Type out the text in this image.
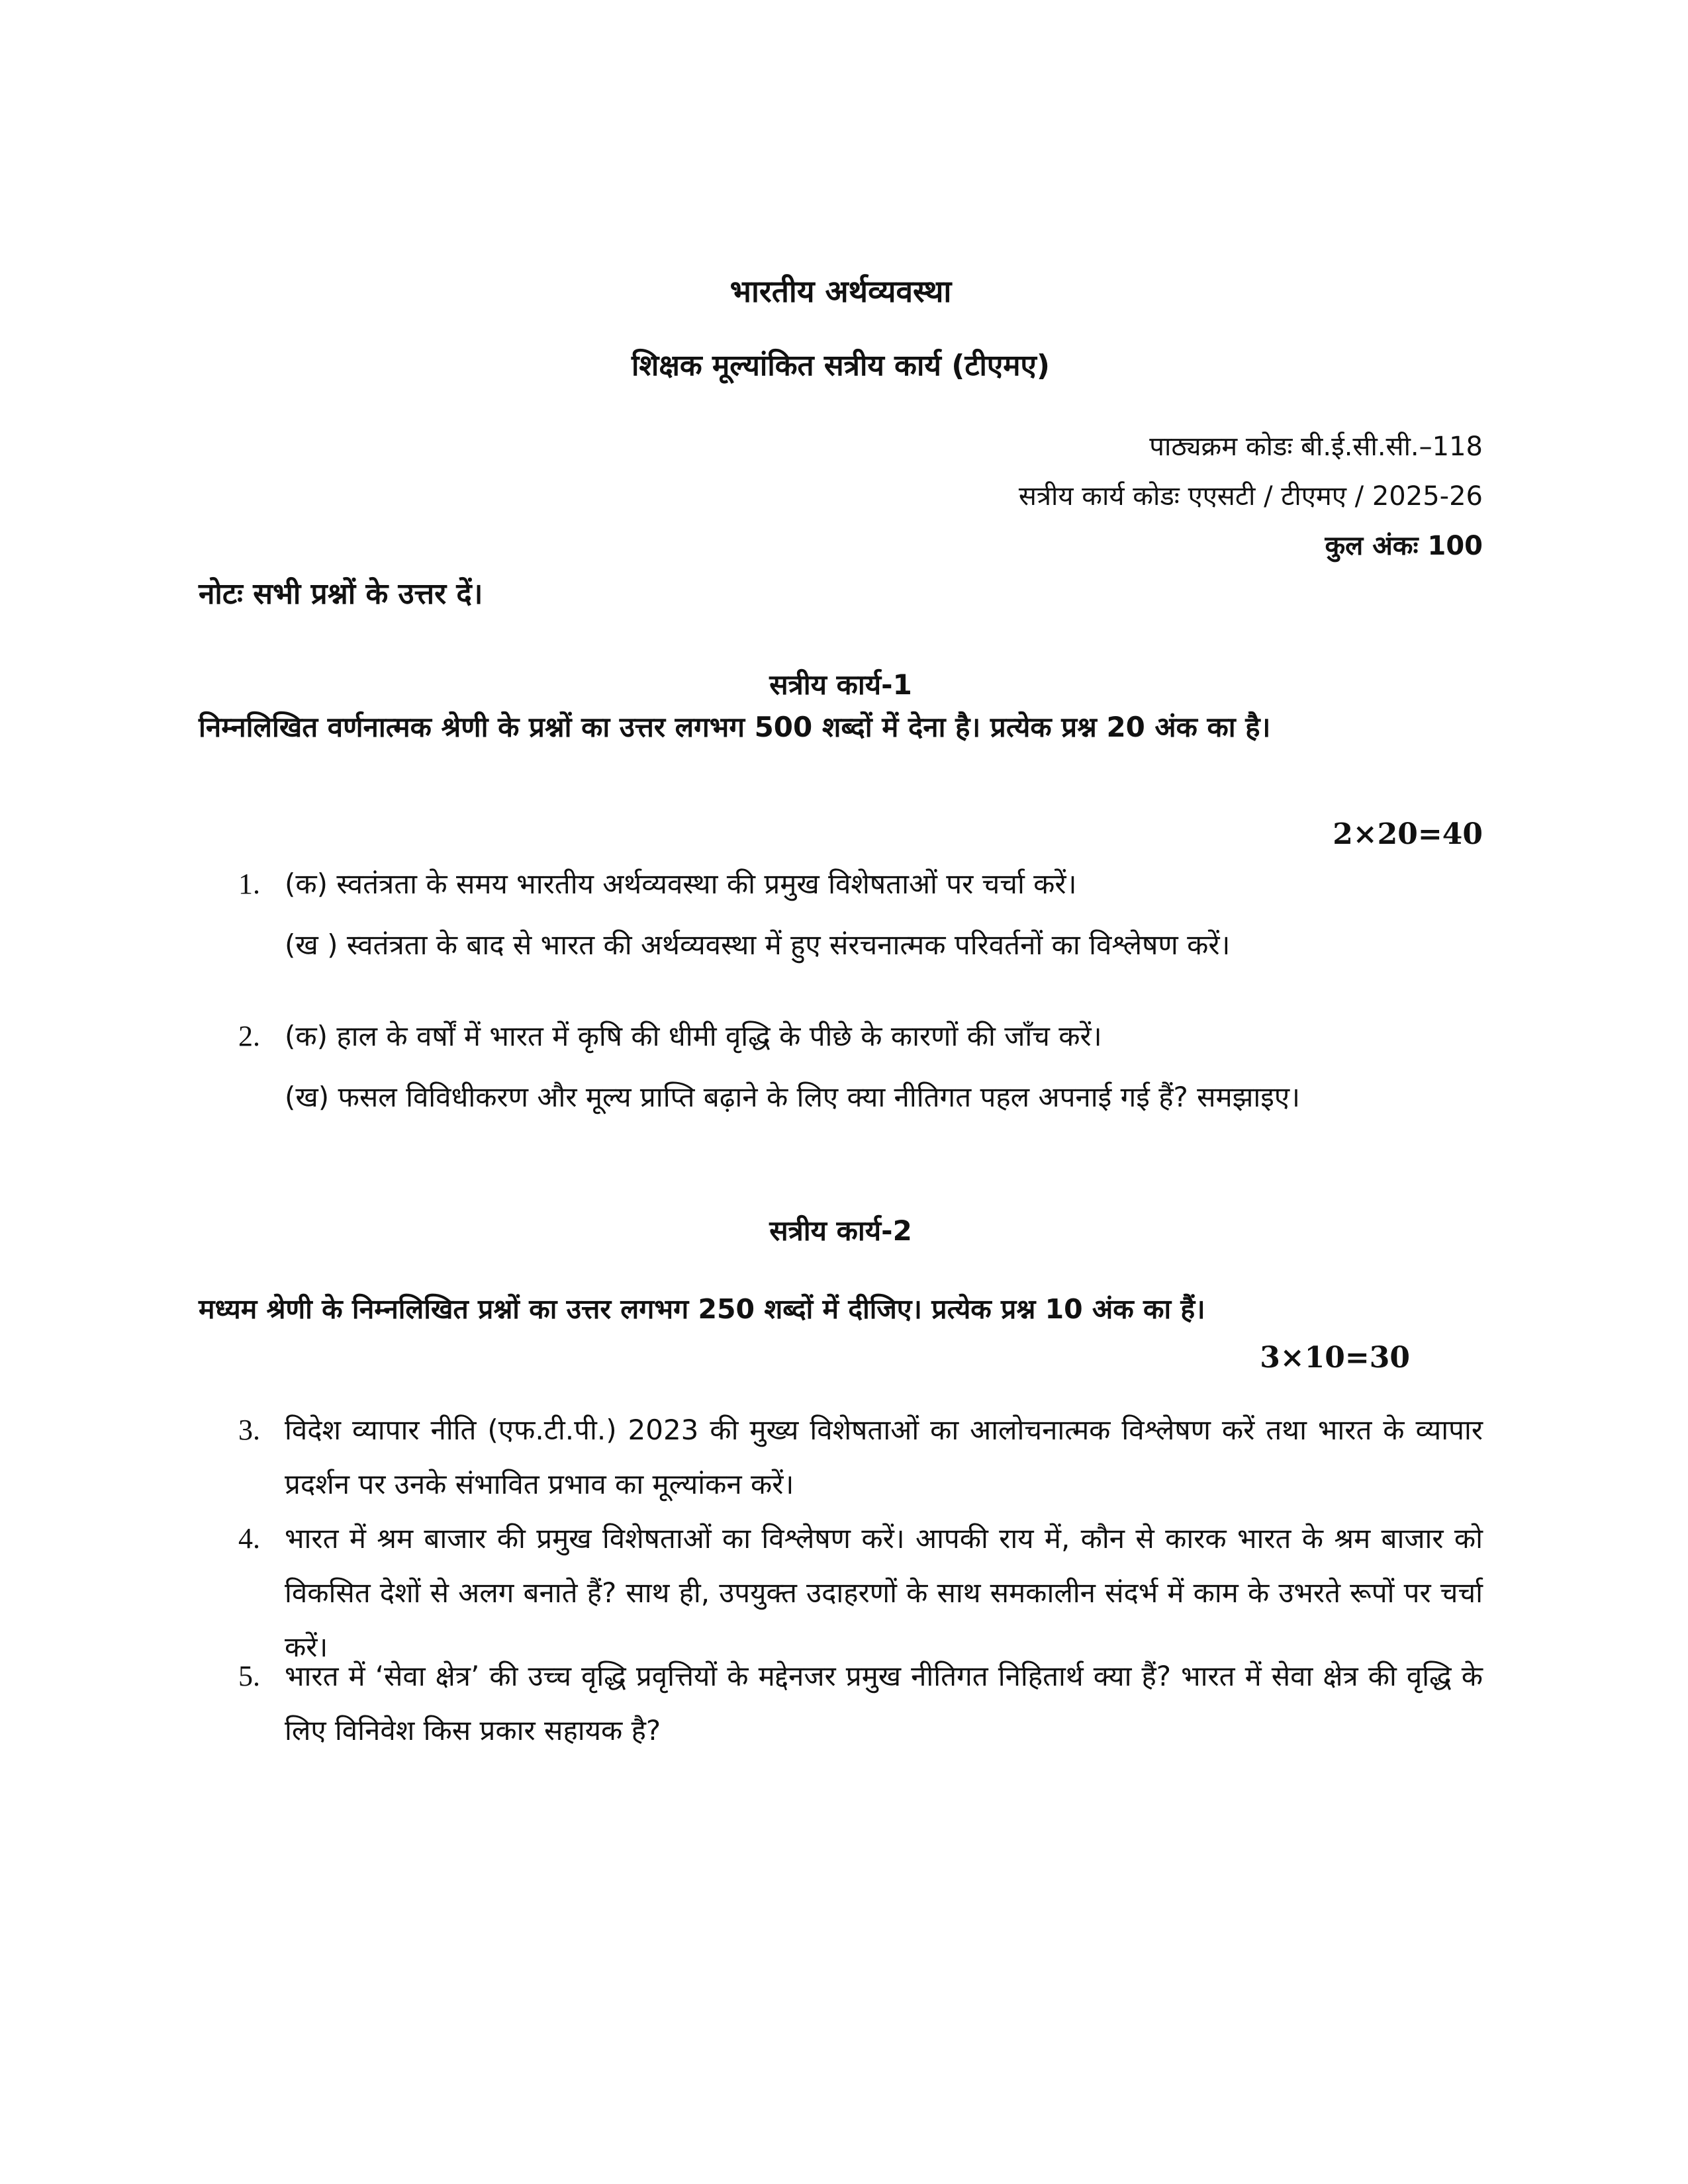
भारतीय अर्थव्यवस्था
शिक्षक मूल्यांकित सत्रीय कार्य (टीएमए)
पाठ्यक्रम कोडः बी.ई.सी.सी.–118
सत्रीय कार्य कोडः एएसटी / टीएमए / 2025-26
कुल अंकः 100
नोटः सभी प्रश्नों के उत्तर दें।
सत्रीय कार्य-1
निम्नलिखित वर्णनात्मक श्रेणी के प्रश्नों का उत्तर लगभग 500 शब्दों में देना है। प्रत्येक प्रश्न 20 अंक का है।
2×20=40
1. (क) स्वतंत्रता के समय भारतीय अर्थव्यवस्था की प्रमुख विशेषताओं पर चर्चा करें।

(ख ) स्वतंत्रता के बाद से भारत की अर्थव्यवस्था में हुए संरचनात्मक परिवर्तनों का विश्लेषण करें।

2. (क) हाल के वर्षों में भारत में कृषि की धीमी वृद्धि के पीछे के कारणों की जाँच करें।

(ख) फसल विविधीकरण और मूल्य प्राप्ति बढ़ाने के लिए क्या नीतिगत पहल अपनाई गई हैं? समझाइए।

सत्रीय कार्य-2
मध्यम श्रेणी के निम्नलिखित प्रश्नों का उत्तर लगभग 250 शब्दों में दीजिए। प्रत्येक प्रश्न 10 अंक का हैं।
3×10=30
3. विदेश व्यापार नीति (एफ.टी.पी.) 2023 की मुख्य विशेषताओं का आलोचनात्मक विश्लेषण करें तथा भारत के व्यापार प्रदर्शन पर उनके संभावित प्रभाव का मूल्यांकन करें।

4. भारत में श्रम बाजार की प्रमुख विशेषताओं का विश्लेषण करें। आपकी राय में, कौन से कारक भारत के श्रम बाजार को विकसित देशों से अलग बनाते हैं? साथ ही, उपयुक्त उदाहरणों के साथ समकालीन संदर्भ में काम के उभरते रूपों पर चर्चा करें।

5. भारत में ‘सेवा क्षेत्र’ की उच्च वृद्धि प्रवृत्तियों के मद्देनजर प्रमुख नीतिगत निहितार्थ क्या हैं? भारत में सेवा क्षेत्र की वृद्धि के लिए विनिवेश किस प्रकार सहायक है?
